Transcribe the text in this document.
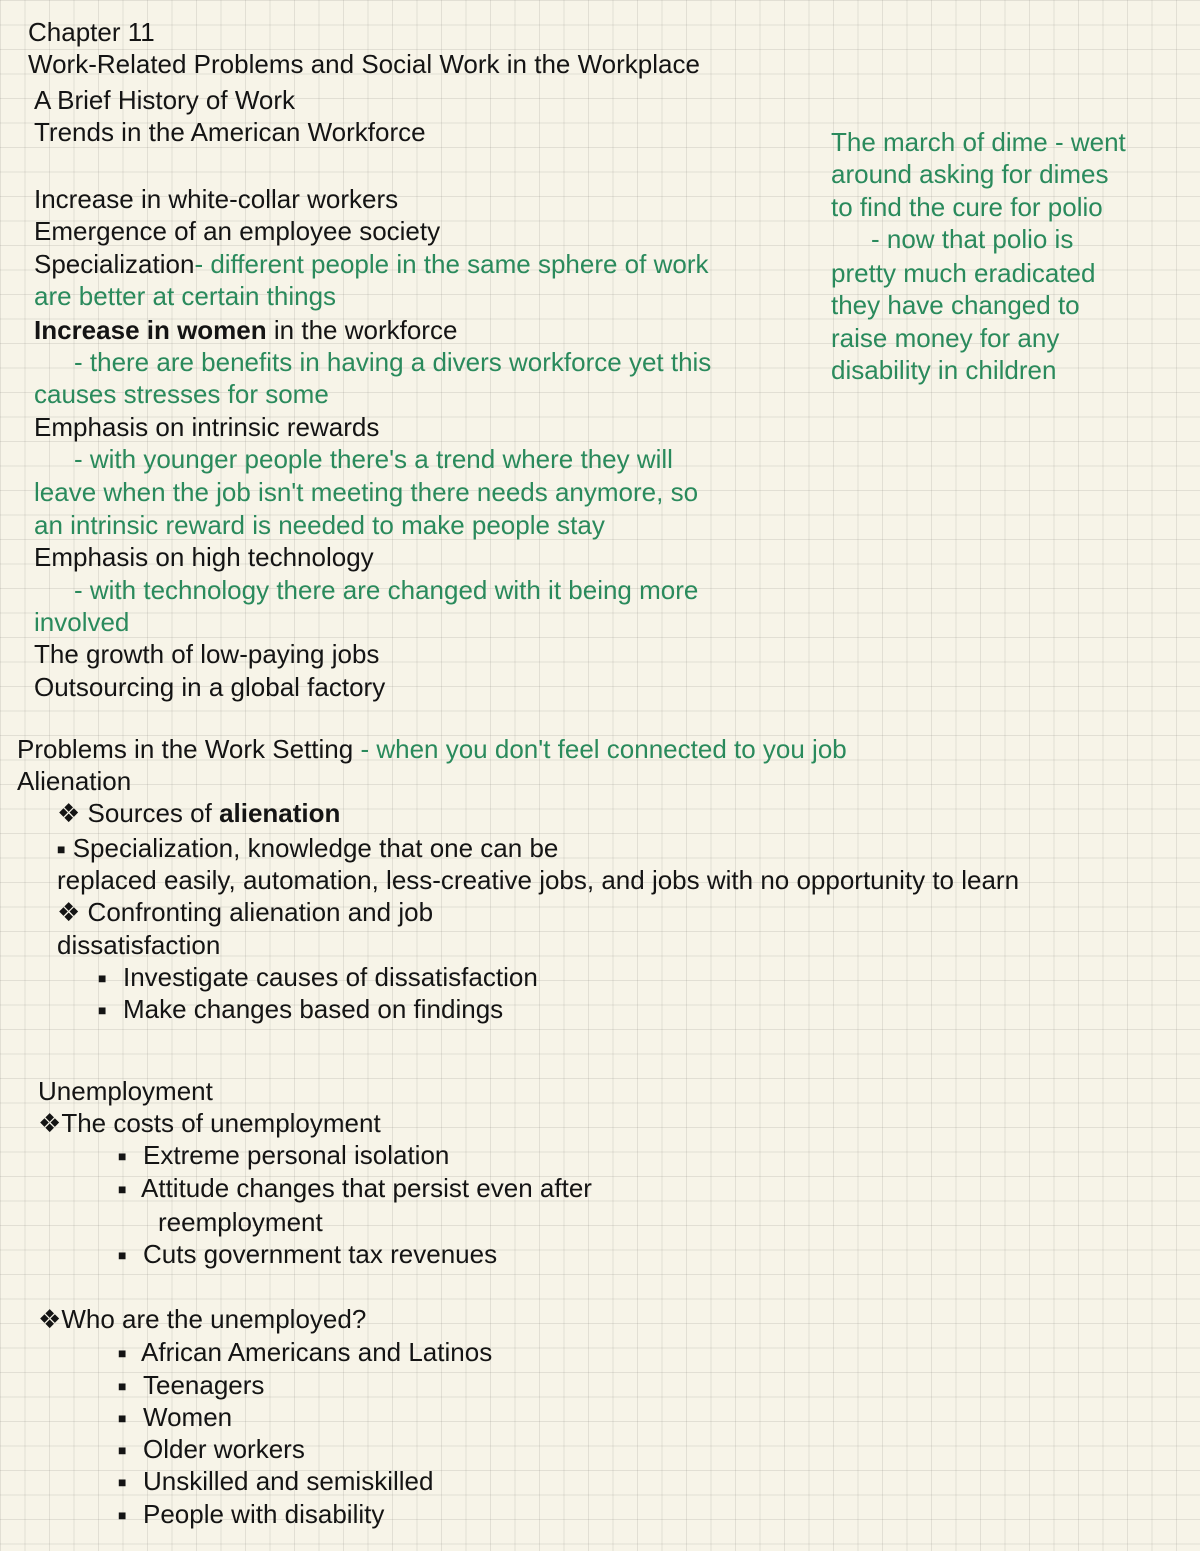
Chapter 11

Work-Related Problems and Social Work in the Workplace

A Brief History of Work

Trends in the American Workforce

Increase in white-collar workers

Emergence of an employee society

Specialization- different people in the same sphere of work

are better at certain things

Increase in women in the workforce

- there are benefits in having a divers workforce yet this

causes stresses for some

Emphasis on intrinsic rewards

- with younger people there's a trend where they will

leave when the job isn't meeting there needs anymore, so

an intrinsic reward is needed to make people stay

Emphasis on high technology

- with technology there are changed with it being more

involved

The growth of low-paying jobs

Outsourcing in a global factory

The march of dime - went

around asking for dimes

to find the cure for polio

- now that polio is

pretty much eradicated

they have changed to

raise money for any

disability in children

Problems in the Work Setting - when you don't feel connected to you job

Alienation

❖ Sources of alienation

■ Specialization, knowledge that one can be

replaced easily, automation, less-creative jobs, and jobs with no opportunity to learn

❖ Confronting alienation and job

dissatisfaction

■ Investigate causes of dissatisfaction

■ Make changes based on findings

Unemployment

❖The costs of unemployment

■ Extreme personal isolation

■ Attitude changes that persist even after

reemployment

■ Cuts government tax revenues

❖Who are the unemployed?

■ African Americans and Latinos

■ Teenagers

■ Women

■ Older workers

■ Unskilled and semiskilled

■ People with disability
